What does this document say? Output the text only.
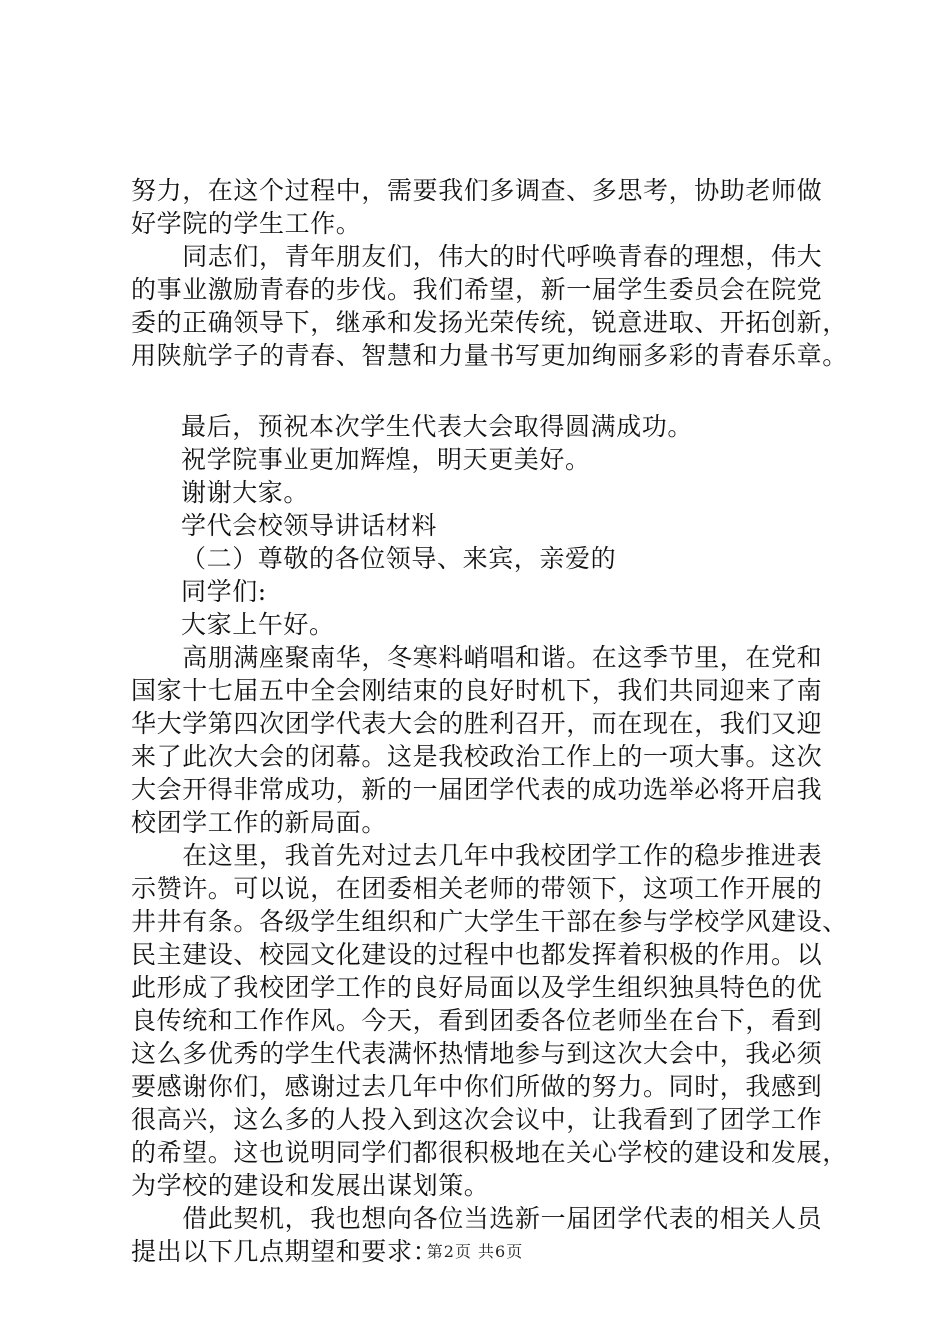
努力，在这个过程中，需要我们多调查、多思考，协助老师做
好学院的学生工作。
　　同志们，青年朋友们，伟大的时代呼唤青春的理想，伟大
的事业激励青春的步伐。我们希望，新一届学生委员会在院党
委的正确领导下，继承和发扬光荣传统，锐意进取、开拓创新，
用陕航学子的青春、智慧和力量书写更加绚丽多彩的青春乐章。
最后，预祝本次学生代表大会取得圆满成功。
祝学院事业更加辉煌，明天更美好。
谢谢大家。
学代会校领导讲话材料
（二）尊敬的各位领导、来宾，亲爱的
同学们:
大家上午好。
　　高朋满座聚南华，冬寒料峭唱和谐。在这季节里，在党和
国家十七届五中全会刚结束的良好时机下，我们共同迎来了南
华大学第四次团学代表大会的胜利召开，而在现在，我们又迎
来了此次大会的闭幕。这是我校政治工作上的一项大事。这次
大会开得非常成功，新的一届团学代表的成功选举必将开启我
校团学工作的新局面。
　　在这里，我首先对过去几年中我校团学工作的稳步推进表
示赞许。可以说，在团委相关老师的带领下，这项工作开展的
井井有条。各级学生组织和广大学生干部在参与学校学风建设、
民主建设、校园文化建设的过程中也都发挥着积极的作用。以
此形成了我校团学工作的良好局面以及学生组织独具特色的优
良传统和工作作风。今天，看到团委各位老师坐在台下，看到
这么多优秀的学生代表满怀热情地参与到这次大会中，我必须
要感谢你们，感谢过去几年中你们所做的努力。同时，我感到
很高兴，这么多的人投入到这次会议中，让我看到了团学工作
的希望。这也说明同学们都很积极地在关心学校的建设和发展，
为学校的建设和发展出谋划策。
　　借此契机，我也想向各位当选新一届团学代表的相关人员
提出以下几点期望和要求：
第2页 共6页
